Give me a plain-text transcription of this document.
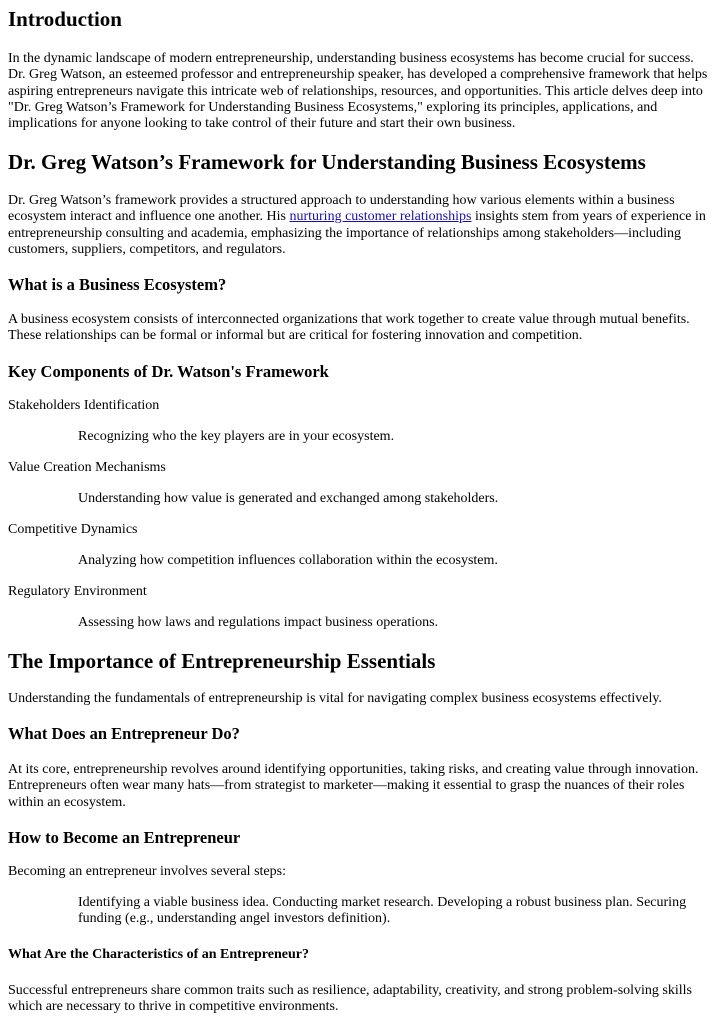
Introduction

In the dynamic landscape of modern entrepreneurship, understanding business ecosystems has become crucial for success. Dr. Greg Watson, an esteemed professor and entrepreneurship speaker, has developed a comprehensive framework that helps aspiring entrepreneurs navigate this intricate web of relationships, resources, and opportunities. This article delves deep into "Dr. Greg Watson’s Framework for Understanding Business Ecosystems," exploring its principles, applications, and implications for anyone looking to take control of their future and start their own business.

Dr. Greg Watson’s Framework for Understanding Business Ecosystems

Dr. Greg Watson’s framework provides a structured approach to understanding how various elements within a business ecosystem interact and influence one another. His nurturing customer relationships insights stem from years of experience in entrepreneurship consulting and academia, emphasizing the importance of relationships among stakeholders—including customers, suppliers, competitors, and regulators.

What is a Business Ecosystem?

A business ecosystem consists of interconnected organizations that work together to create value through mutual benefits. These relationships can be formal or informal but are critical for fostering innovation and competition.

Key Components of Dr. Watson's Framework

Stakeholders Identification

Recognizing who the key players are in your ecosystem.

Value Creation Mechanisms

Understanding how value is generated and exchanged among stakeholders.

Competitive Dynamics

Analyzing how competition influences collaboration within the ecosystem.

Regulatory Environment

Assessing how laws and regulations impact business operations.

The Importance of Entrepreneurship Essentials

Understanding the fundamentals of entrepreneurship is vital for navigating complex business ecosystems effectively.

What Does an Entrepreneur Do?

At its core, entrepreneurship revolves around identifying opportunities, taking risks, and creating value through innovation. Entrepreneurs often wear many hats—from strategist to marketer—making it essential to grasp the nuances of their roles within an ecosystem.

How to Become an Entrepreneur

Becoming an entrepreneur involves several steps:

Identifying a viable business idea. Conducting market research. Developing a robust business plan. Securing funding (e.g., understanding angel investors definition).

What Are the Characteristics of an Entrepreneur?

Successful entrepreneurs share common traits such as resilience, adaptability, creativity, and strong problem-solving skills which are necessary to thrive in competitive environments.
